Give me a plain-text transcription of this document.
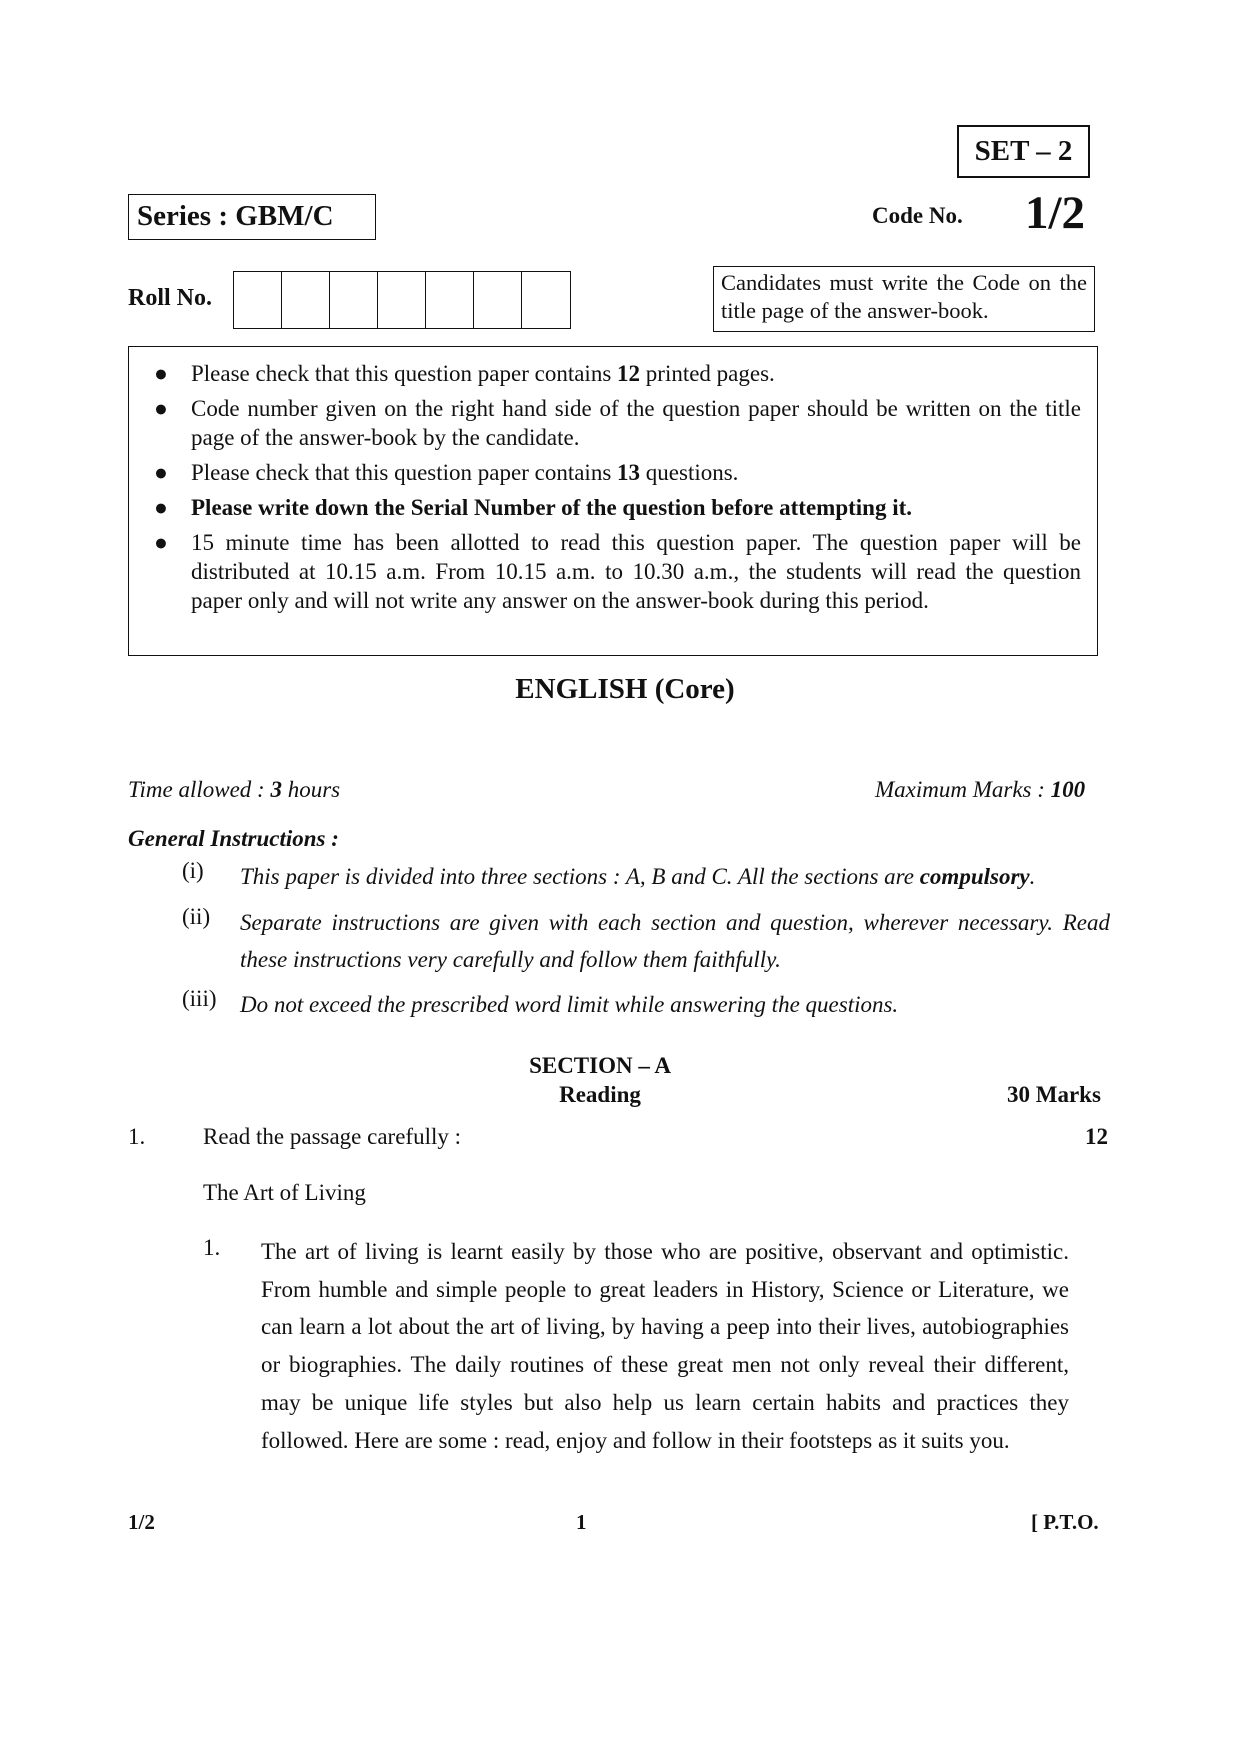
SET – 2
Series : GBM/C	Code No. 1/2
Roll No.
Candidates must write the Code on the title page of the answer-book.
● Please check that this question paper contains 12 printed pages.
● Code number given on the right hand side of the question paper should be written on the title page of the answer-book by the candidate.
● Please check that this question paper contains 13 questions.
● Please write down the Serial Number of the question before attempting it.
● 15 minute time has been allotted to read this question paper. The question paper will be distributed at 10.15 a.m. From 10.15 a.m. to 10.30 a.m., the students will read the question paper only and will not write any answer on the answer-book during this period.
ENGLISH (Core)
Time allowed : 3 hours	Maximum Marks : 100
General Instructions :
(i) This paper is divided into three sections : A, B and C. All the sections are compulsory.
(ii) Separate instructions are given with each section and question, wherever necessary. Read these instructions very carefully and follow them faithfully.
(iii) Do not exceed the prescribed word limit while answering the questions.
SECTION – A
Reading	30 Marks
1.	Read the passage carefully :	12
The Art of Living
1. The art of living is learnt easily by those who are positive, observant and optimistic. From humble and simple people to great leaders in History, Science or Literature, we can learn a lot about the art of living, by having a peep into their lives, autobiographies or biographies. The daily routines of these great men not only reveal their different, may be unique life styles but also help us learn certain habits and practices they followed. Here are some : read, enjoy and follow in their footsteps as it suits you.
1/2	1	[ P.T.O.
